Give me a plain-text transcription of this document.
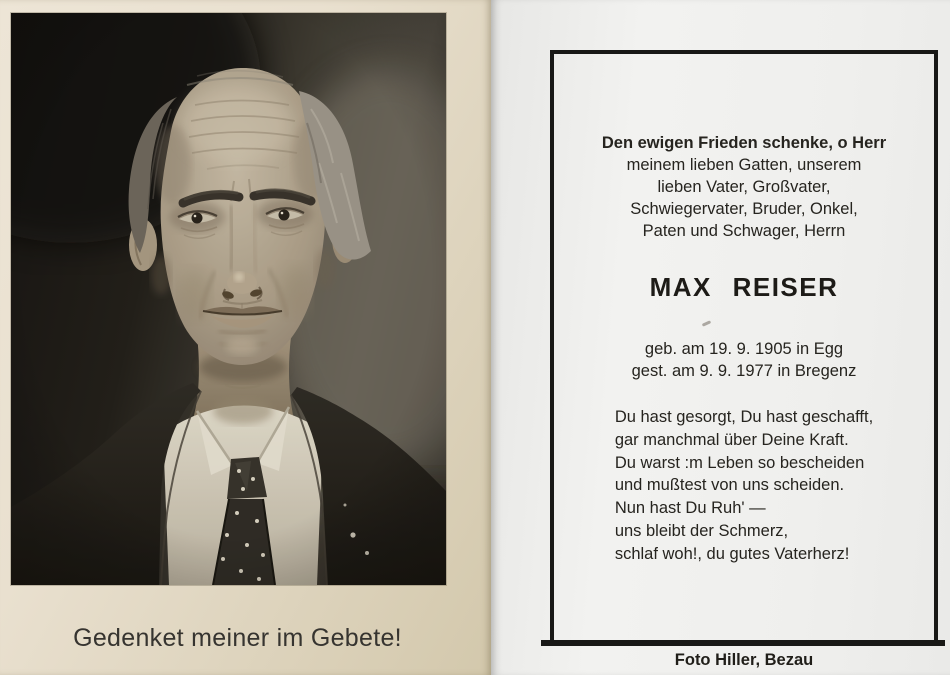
Gedenket meiner im Gebete!
Den ewigen Frieden schenke, o Herr
meinem lieben Gatten, unserem
lieben Vater, Großvater,
Schwiegervater, Bruder, Onkel,
Paten und Schwager, Herrn
MAX REISER
geb. am 19. 9. 1905 in Egg
gest. am 9. 9. 1977 in Bregenz
Du hast gesorgt, Du hast geschafft,
gar manchmal über Deine Kraft.
Du warst :m Leben so bescheiden
und mußtest von uns scheiden.
Nun hast Du Ruh' —
uns bleibt der Schmerz,
schlaf woh!, du gutes Vaterherz!
Foto Hiller, Bezau
